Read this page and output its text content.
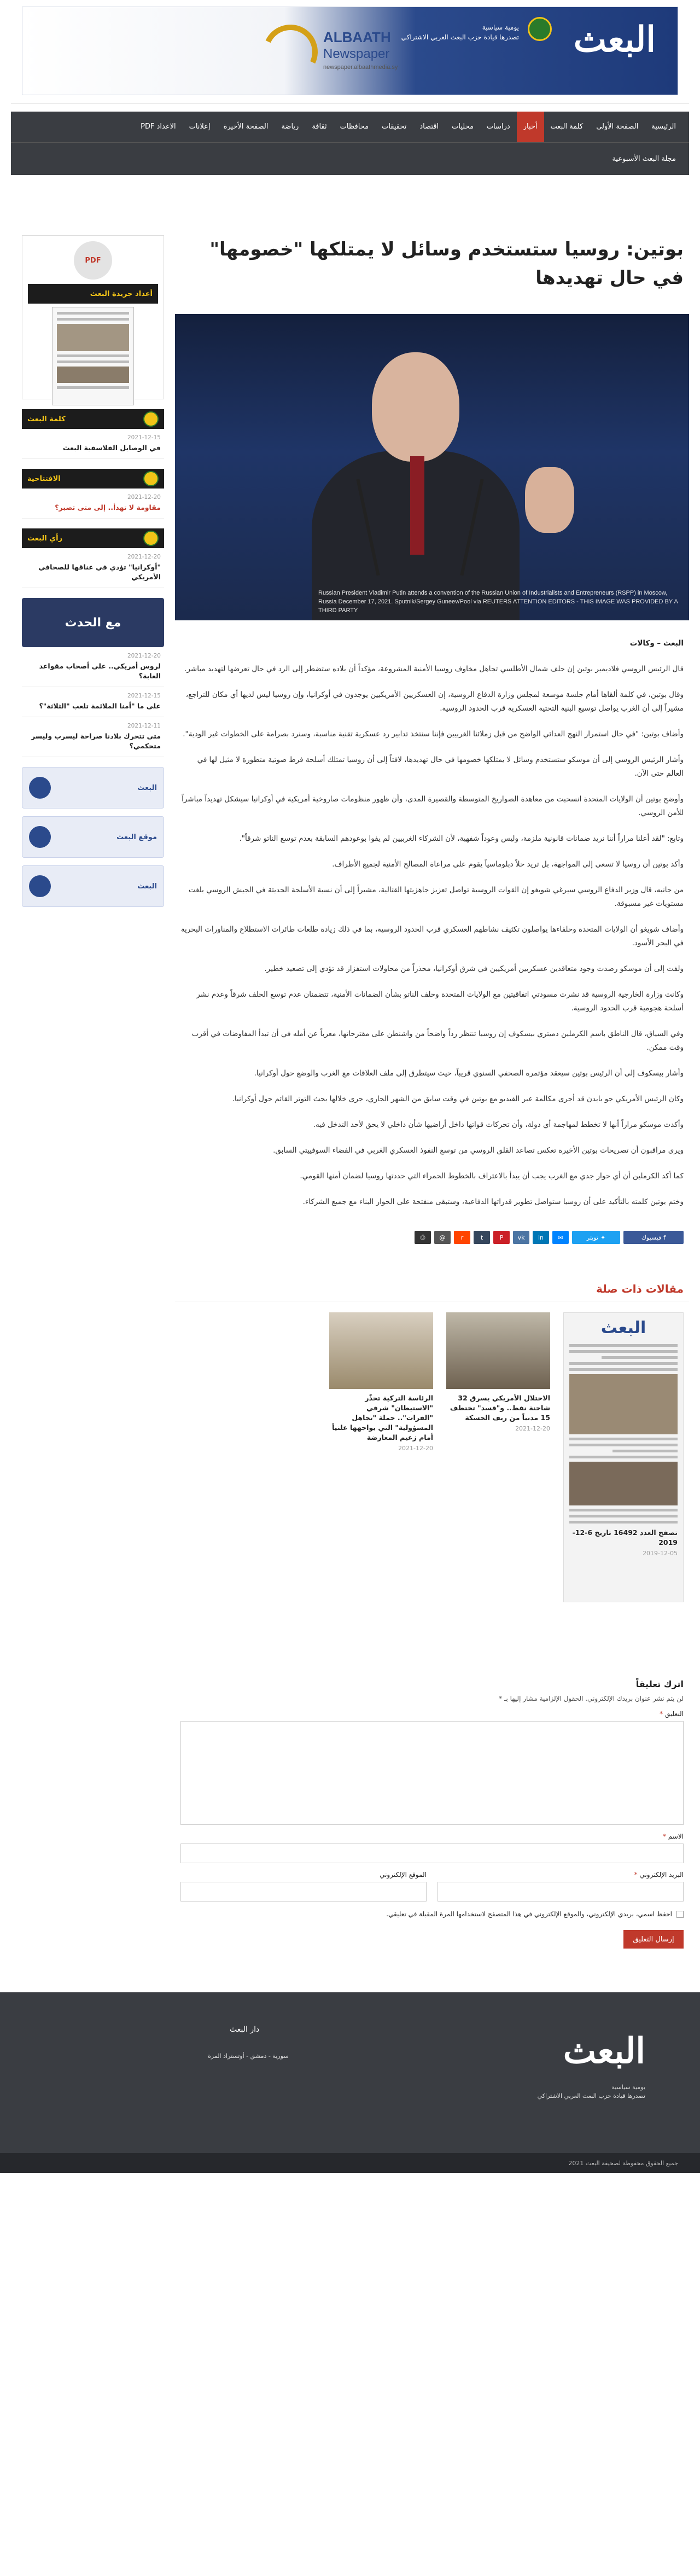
البعث
يومية سياسية
تصدرها قيادة حزب البعث العربي الاشتراكي
ALBAATH
Newspaper
newspaper.albaathmedia.sy
الرئيسية
الصفحة الأولى
كلمة البعث
أخبار
دراسات
محليات
اقتصاد
تحقيقات
محافظات
ثقافة
رياضة
الصفحة الأخيرة
إعلانات
الاعداد PDF
مجلة البعث الأسبوعية
بوتين: روسيا ستستخدم وسائل لا يمتلكها "خصومها" في حال تهديدها
Russian President Vladimir Putin attends a convention of the Russian Union of Industrialists and Entrepreneurs (RSPP) in Moscow, Russia December 17, 2021. Sputnik/Sergey Guneev/Pool via REUTERS ATTENTION EDITORS - THIS IMAGE WAS PROVIDED BY A THIRD PARTY

البعث – وكالات

قال الرئيس الروسي فلاديمير بوتين إن حلف شمال الأطلسي تجاهل مخاوف روسيا الأمنية المشروعة، مؤكداً أن بلاده ستضطر إلى الرد في حال تعرضها لتهديد مباشر.

وقال بوتين، في كلمة ألقاها أمام جلسة موسعة لمجلس وزارة الدفاع الروسية، إن العسكريين الأمريكيين يوجدون في أوكرانيا، وإن روسيا ليس لديها أي مكان للتراجع، مشيراً إلى أن الغرب يواصل توسيع البنية التحتية العسكرية قرب الحدود الروسية.

وأضاف بوتين: "في حال استمرار النهج العدائي الواضح من قبل زملائنا الغربيين فإننا سنتخذ تدابير رد عسكرية تقنية مناسبة، وسنرد بصرامة على الخطوات غير الودية".

وأشار الرئيس الروسي إلى أن موسكو ستستخدم وسائل لا يمتلكها خصومها في حال تهديدها، لافتاً إلى أن روسيا تمتلك أسلحة فرط صوتية متطورة لا مثيل لها في العالم حتى الآن.

وأوضح بوتين أن الولايات المتحدة انسحبت من معاهدة الصواريخ المتوسطة والقصيرة المدى، وأن ظهور منظومات صاروخية أمريكية في أوكرانيا سيشكل تهديداً مباشراً للأمن الروسي.

وتابع: "لقد أعلنا مراراً أننا نريد ضمانات قانونية ملزمة، وليس وعوداً شفهية، لأن الشركاء الغربيين لم يفوا بوعودهم السابقة بعدم توسع الناتو شرقاً".

وأكد بوتين أن روسيا لا تسعى إلى المواجهة، بل تريد حلاً دبلوماسياً يقوم على مراعاة المصالح الأمنية لجميع الأطراف.

من جانبه، قال وزير الدفاع الروسي سيرغي شويغو إن القوات الروسية تواصل تعزيز جاهزيتها القتالية، مشيراً إلى أن نسبة الأسلحة الحديثة في الجيش الروسي بلغت مستويات غير مسبوقة.

وأضاف شويغو أن الولايات المتحدة وحلفاءها يواصلون تكثيف نشاطهم العسكري قرب الحدود الروسية، بما في ذلك زيادة طلعات طائرات الاستطلاع والمناورات البحرية في البحر الأسود.

ولفت إلى أن موسكو رصدت وجود متعاقدين عسكريين أمريكيين في شرق أوكرانيا، محذراً من محاولات استفزاز قد تؤدي إلى تصعيد خطير.

وكانت وزارة الخارجية الروسية قد نشرت مسودتي اتفاقيتين مع الولايات المتحدة وحلف الناتو بشأن الضمانات الأمنية، تتضمنان عدم توسع الحلف شرقاً وعدم نشر أسلحة هجومية قرب الحدود الروسية.

وفي السياق، قال الناطق باسم الكرملين دميتري بيسكوف إن روسيا تنتظر رداً واضحاً من واشنطن على مقترحاتها، معرباً عن أمله في أن تبدأ المفاوضات في أقرب وقت ممكن.

وأشار بيسكوف إلى أن الرئيس بوتين سيعقد مؤتمره الصحفي السنوي قريباً، حيث سيتطرق إلى ملف العلاقات مع الغرب والوضع حول أوكرانيا.

وكان الرئيس الأمريكي جو بايدن قد أجرى مكالمة عبر الفيديو مع بوتين في وقت سابق من الشهر الجاري، جرى خلالها بحث التوتر القائم حول أوكرانيا.

وأكدت موسكو مراراً أنها لا تخطط لمهاجمة أي دولة، وأن تحركات قواتها داخل أراضيها شأن داخلي لا يحق لأحد التدخل فيه.

ويرى مراقبون أن تصريحات بوتين الأخيرة تعكس تصاعد القلق الروسي من توسع النفوذ العسكري الغربي في الفضاء السوفييتي السابق.

كما أكد الكرملين أن أي حوار جدي مع الغرب يجب أن يبدأ بالاعتراف بالخطوط الحمراء التي حددتها روسيا لضمان أمنها القومي.

وختم بوتين كلمته بالتأكيد على أن روسيا ستواصل تطوير قدراتها الدفاعية، وستبقى منفتحة على الحوار البناء مع جميع الشركاء.

f
فيسبوك
✦
تويتر
✉
in
vk
P
t
r
@
⎙
مقالات ذات صلة
البعث
تصفح العدد 16492 تاريخ 6-12-2019
2019-12-05
الاحتلال الأمريكي يسرق 32 شاحنة نفط.. و"قسد" تختطف 15 مدنياً من ريف الحسكة
2021-12-20
الرئاسة التركية تحذّر "الاستيطان" شرقي "الفرات".. حملة "تجاهل المسؤولية" التي يواجهها علنياً أمام زعيم المعارضة
2021-12-20
اترك تعليقاً
لن يتم نشر عنوان بريدك الإلكتروني. الحقول الإلزامية مشار إليها بـ *
التعليق *
الاسم *
البريد الإلكتروني *
الموقع الإلكتروني
احفظ اسمي، بريدي الإلكتروني، والموقع الإلكتروني في هذا المتصفح لاستخدامها المرة المقبلة في تعليقي.
إرسال التعليق
PDF
أعداد جريدة البعث
كلمة البعث
2021-12-15
في الوصايل الفلاسفية البعث
الافتتاحية
2021-12-20
مقاومة لا تهدأ.. إلى متى تصبر؟
رأي البعث
2021-12-20
"أوكرانيا" تؤدي في عناقها للصحافي الأمريكي
مع الحدث
2021-12-20
لروس أمريكي.. على أصحاب مقواعد الغابة؟
2021-12-15
على ما "أمنا الملائمة تلعب "الثلاثة"؟
2021-12-11
متى تتحرك بلادنا صراحة ليسرب وليسر متحكمي؟
البعث
موقع البعث
البعث
البعث
يومية سياسية
تصدرها قيادة حزب البعث العربي الاشتراكي
دار البعث
سورية - دمشق - أوتستراد المزة
جميع الحقوق محفوظة لصحيفة البعث 2021
